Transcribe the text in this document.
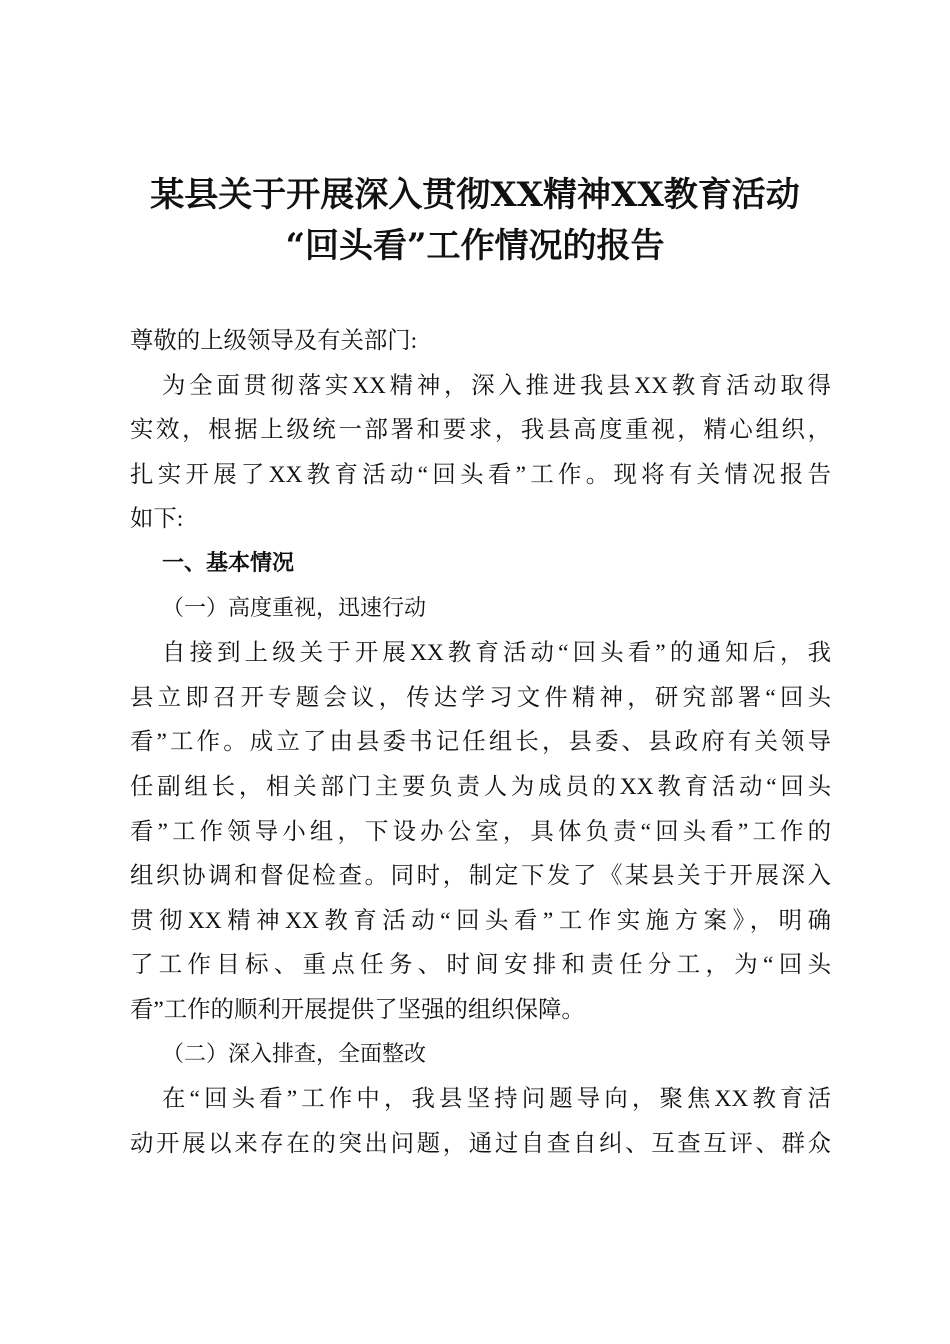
某县关于开展深入贯彻XX精神XX教育活动
“回头看”工作情况的报告
尊敬的上级领导及有关部门:
为全面贯彻落实XX精神，深入推进我县XX教育活动取得
实效，根据上级统一部署和要求，我县高度重视，精心组织，
扎实开展了XX教育活动“回头看”工作。现将有关情况报告
如下:
一、基本情况
（一）高度重视，迅速行动
自接到上级关于开展XX教育活动“回头看”的通知后，我
县立即召开专题会议，传达学习文件精神，研究部署“回头
看”工作。成立了由县委书记任组长，县委、县政府有关领导
任副组长，相关部门主要负责人为成员的XX教育活动“回头
看”工作领导小组，下设办公室，具体负责“回头看”工作的
组织协调和督促检查。同时，制定下发了《某县关于开展深入
贯彻XX精神XX教育活动“回头看”工作实施方案》，明确
了工作目标、重点任务、时间安排和责任分工，为“回头
看”工作的顺利开展提供了坚强的组织保障。
（二）深入排查，全面整改
在“回头看”工作中，我县坚持问题导向，聚焦XX教育活
动开展以来存在的突出问题，通过自查自纠、互查互评、群众
